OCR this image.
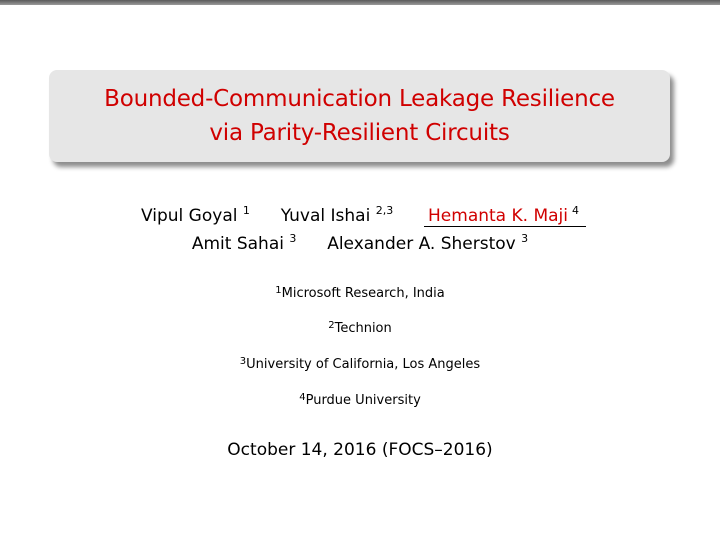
Bounded-Communication Leakage Resilience
via Parity-Resilient Circuits
Vipul Goyal $^1$ Yuval Ishai $^{2,3}$ Hemanta K. Maji $^4$
Amit Sahai $^3$ Alexander A. Sherstov $^3$
$^1$Microsoft Research, India
$^2$Technion
$^3$University of California, Los Angeles
$^4$Purdue University
October 14, 2016 (FOCS–2016)
